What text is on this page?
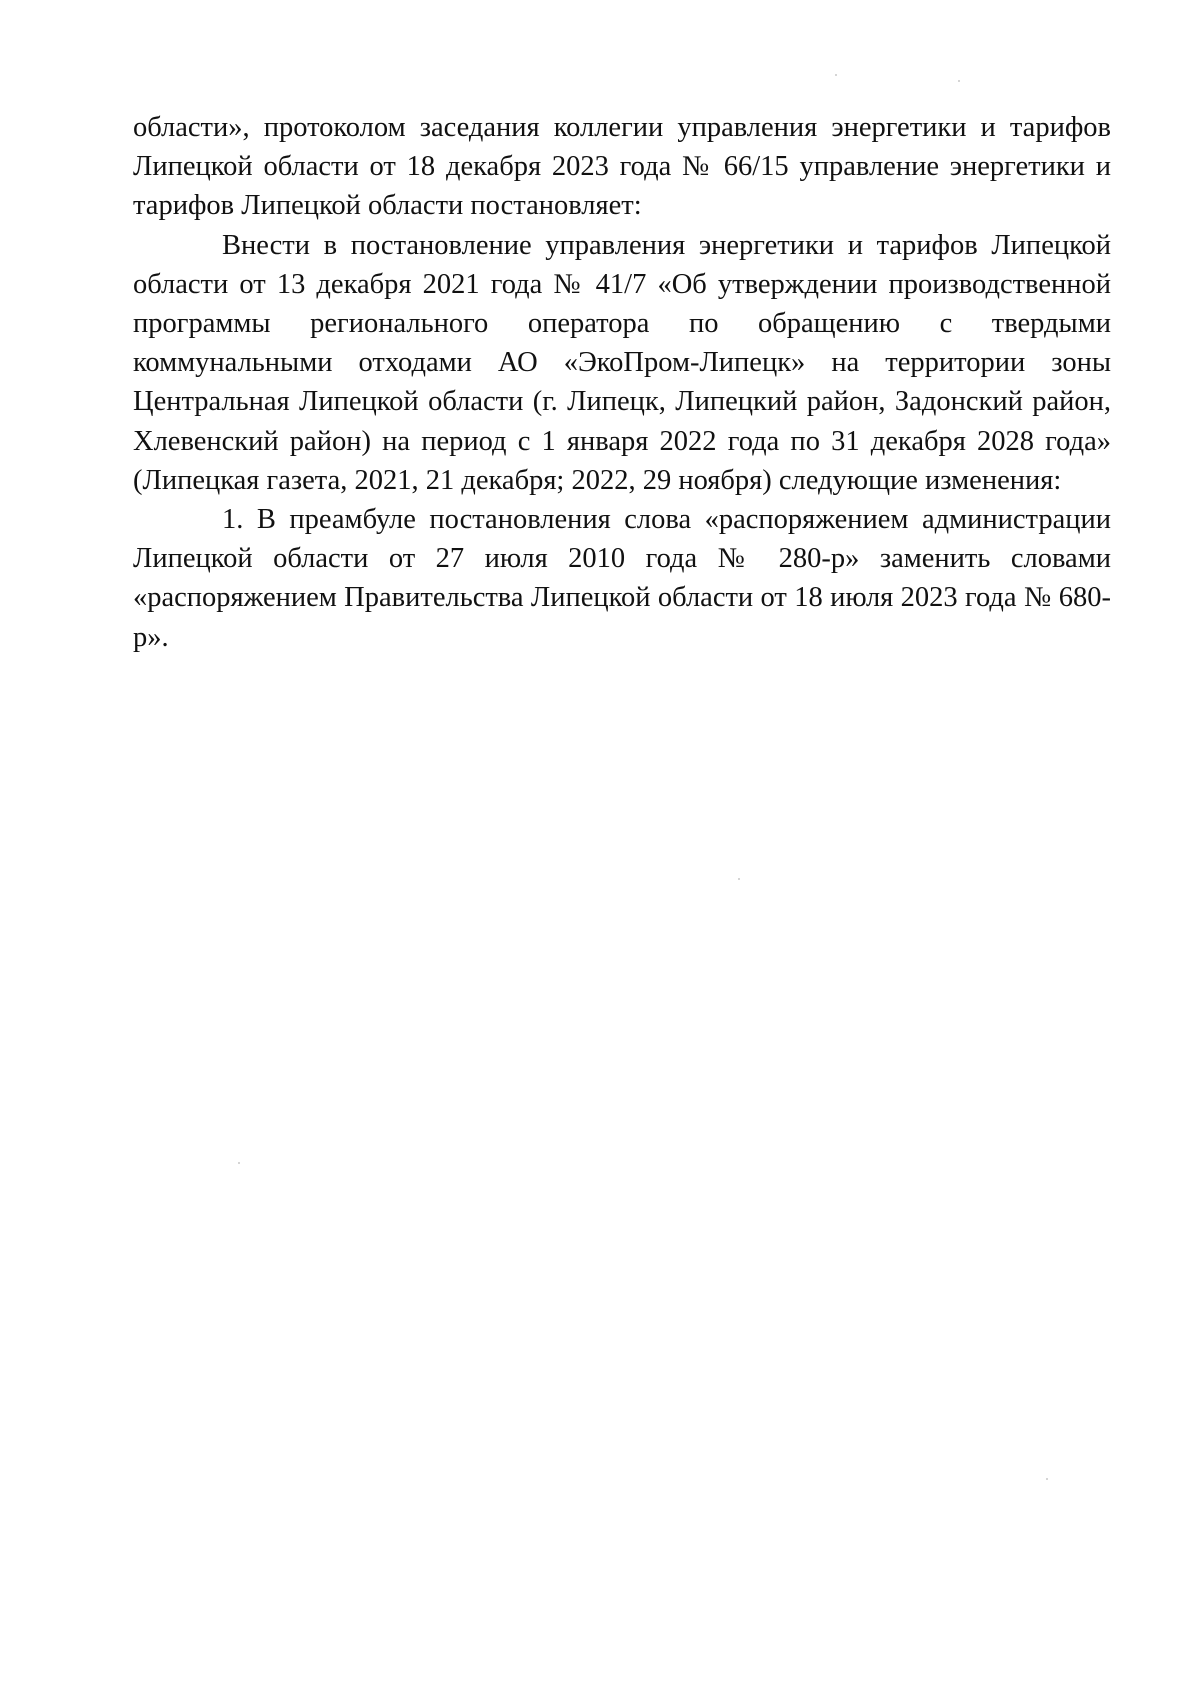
области», протоколом заседания коллегии управления энергетики и тарифов Липецкой области от 18 декабря 2023 года № 66/15 управление энергетики и тарифов Липецкой области постановляет:

Внести в постановление управления энергетики и тарифов Липецкой области от 13 декабря 2021 года № 41/7 «Об утверждении производственной программы регионального оператора по обращению с твердыми коммунальными отходами АО «ЭкоПром-Липецк» на территории зоны Центральная Липецкой области (г. Липецк, Липецкий район, Задонский район, Хлевенский район) на период с 1 января 2022 года по 31 декабря 2028 года» (Липецкая газета, 2021, 21 декабря; 2022, 29 ноября) следующие изменения:

1. В преамбуле постановления слова «распоряжением администрации Липецкой области от 27 июля 2010 года № 280-р» заменить словами «распоряжением Правительства Липецкой области от 18 июля 2023 года № 680-р».
